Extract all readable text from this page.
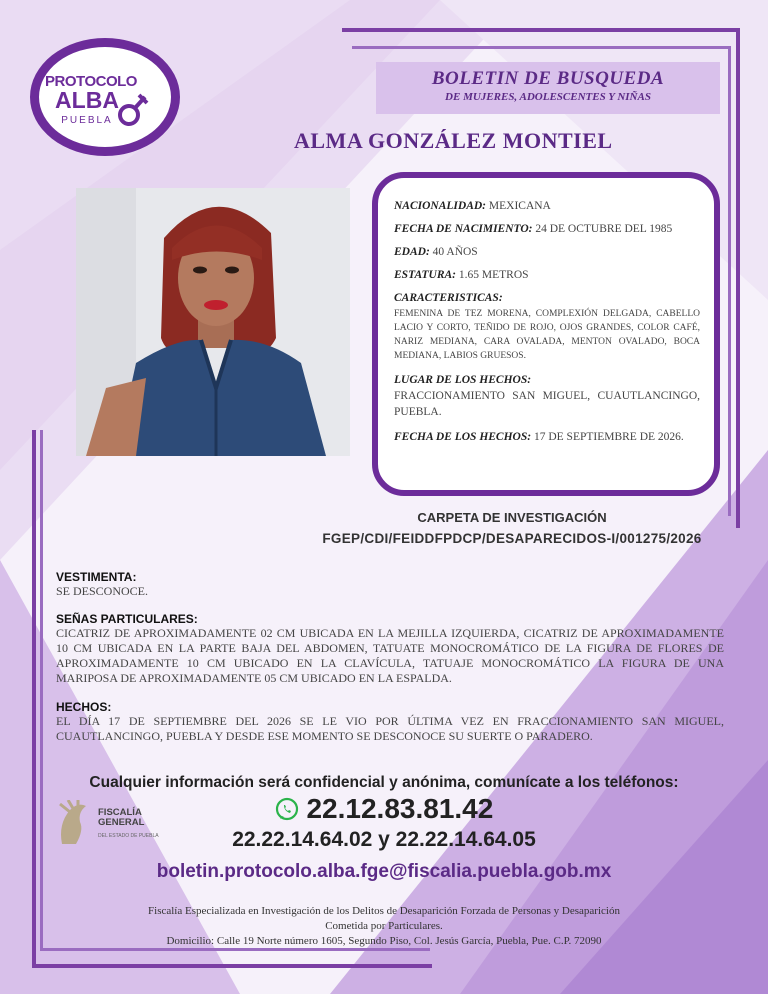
PROTOCOLO
ALBA
PUEBLA
BOLETIN DE BUSQUEDA
DE MUJERES, ADOLESCENTES Y NIÑAS
ALMA GONZÁLEZ MONTIEL
NACIONALIDAD: MEXICANA
FECHA DE NACIMIENTO: 24 DE OCTUBRE DEL 1985
EDAD: 40 AÑOS
ESTATURA: 1.65 METROS
CARACTERISTICAS:
FEMENINA DE TEZ MORENA, COMPLEXIÓN DELGADA, CABELLO LACIO Y CORTO, TEÑIDO DE ROJO, OJOS GRANDES, COLOR CAFÉ, NARIZ MEDIANA, CARA OVALADA, MENTON OVALADO, BOCA MEDIANA, LABIOS GRUESOS.
LUGAR DE LOS HECHOS:
FRACCIONAMIENTO SAN MIGUEL, CUAUTLANCINGO, PUEBLA.
FECHA DE LOS HECHOS: 17 DE SEPTIEMBRE DE 2026.
CARPETA DE INVESTIGACIÓN
FGEP/CDI/FEIDDFPDCP/DESAPARECIDOS-I/001275/2026
VESTIMENTA:
SE DESCONOCE.
SEÑAS PARTICULARES:
CICATRIZ DE APROXIMADAMENTE 02 CM UBICADA EN LA MEJILLA IZQUIERDA, CICATRIZ DE APROXIMADAMENTE 10 CM UBICADA EN LA PARTE BAJA DEL ABDOMEN, TATUATE MONOCROMÁTICO DE LA FIGURA DE FLORES DE APROXIMADAMENTE 10 CM UBICADO EN LA CLAVÍCULA, TATUAJE MONOCROMÁTICO LA FIGURA DE UNA MARIPOSA DE APROXIMADAMENTE 05 CM UBICADO EN LA ESPALDA.
HECHOS:
EL DÍA 17 DE SEPTIEMBRE DEL 2026 SE LE VIO POR ÚLTIMA VEZ EN FRACCIONAMIENTO SAN MIGUEL, CUAUTLANCINGO, PUEBLA Y DESDE ESE MOMENTO SE DESCONOCE SU SUERTE O PARADERO.
Cualquier información será confidencial y anónima, comunícate a los teléfonos:
22.12.83.81.42
22.22.14.64.02 y 22.22.14.64.05
boletin.protocolo.alba.fge@fiscalia.puebla.gob.mx
FISCALÍA
GENERAL
DEL ESTADO DE PUEBLA
Fiscalía Especializada en Investigación de los Delitos de Desaparición Forzada de Personas y Desaparición
Cometida por Particulares.
Domicilio: Calle 19 Norte número 1605, Segundo Piso, Col. Jesús García, Puebla, Pue. C.P. 72090
